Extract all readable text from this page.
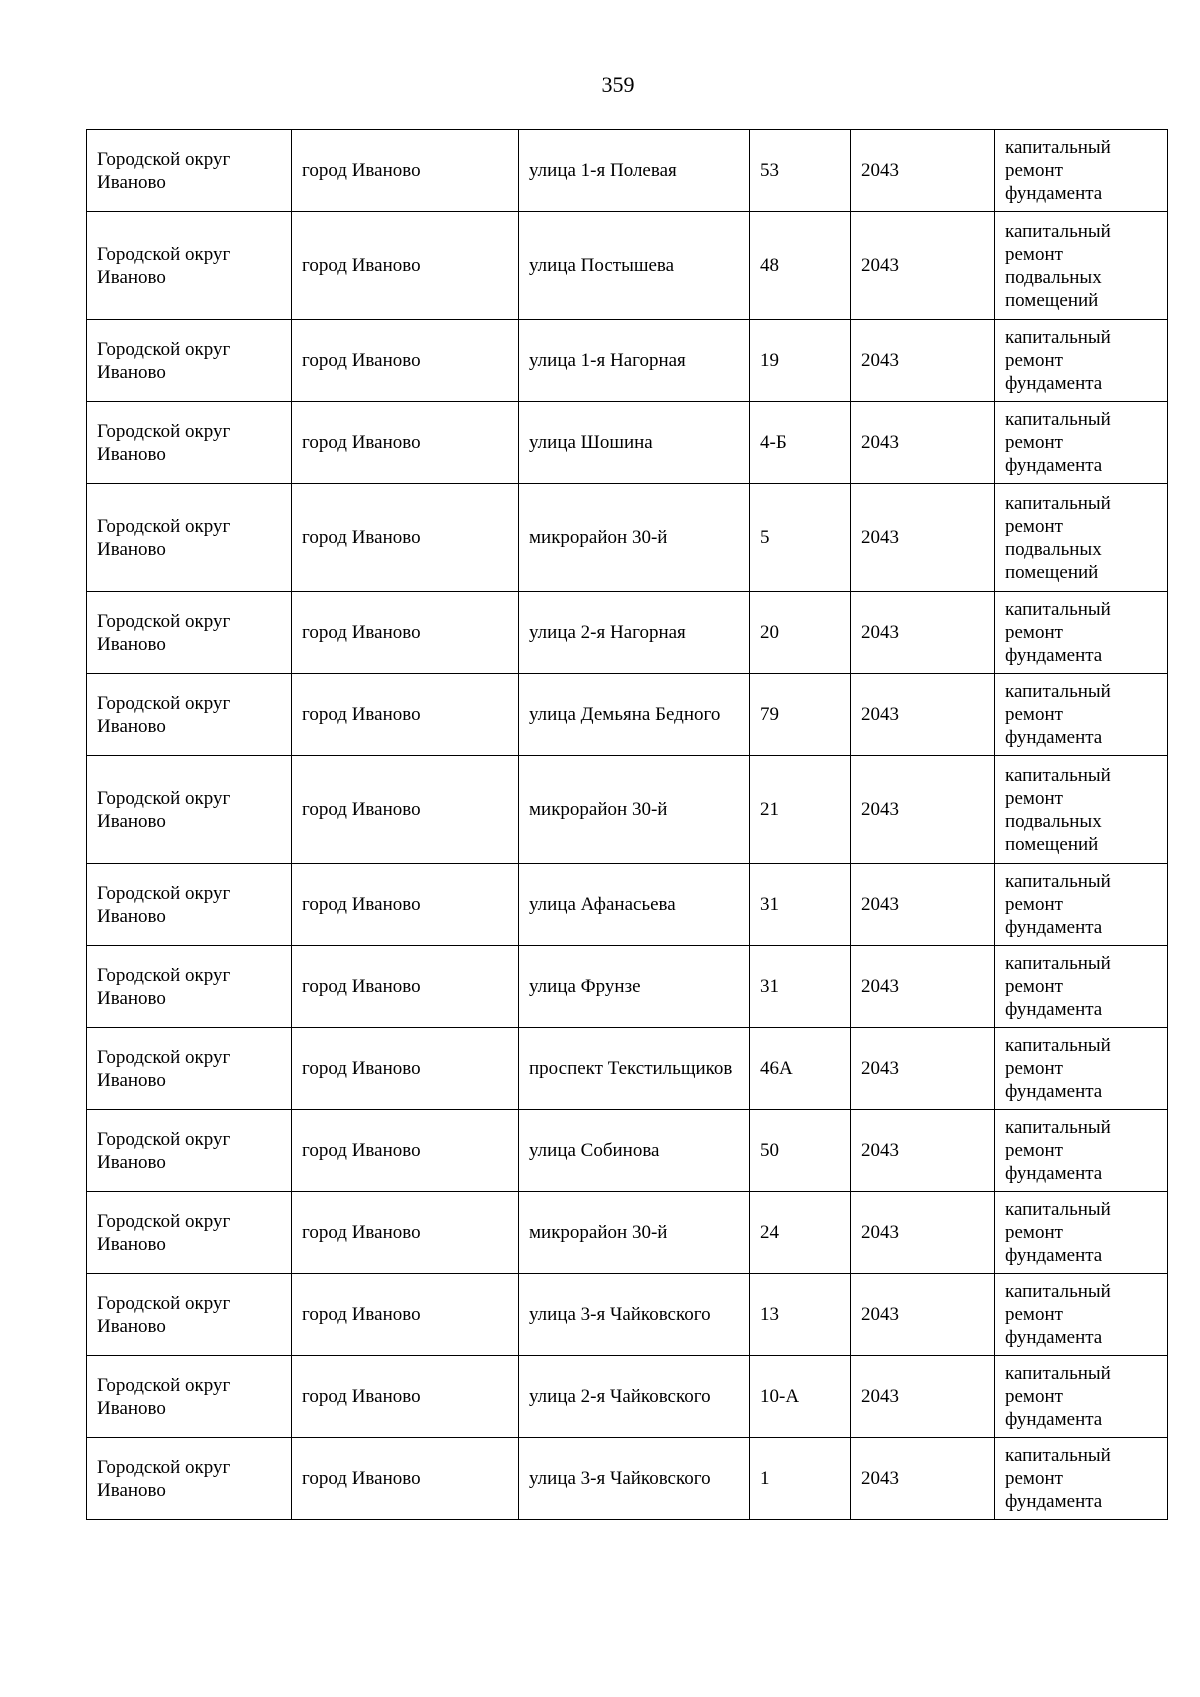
359
Городской округ Иваново	город Иваново	улица 1-я Полевая	53	2043	капитальный ремонт фундамента
Городской округ Иваново	город Иваново	улица Постышева	48	2043	капитальный ремонт подвальных помещений
Городской округ Иваново	город Иваново	улица 1-я Нагорная	19	2043	капитальный ремонт фундамента
Городской округ Иваново	город Иваново	улица Шошина	4-Б	2043	капитальный ремонт фундамента
Городской округ Иваново	город Иваново	микрорайон 30-й	5	2043	капитальный ремонт подвальных помещений
Городской округ Иваново	город Иваново	улица 2-я Нагорная	20	2043	капитальный ремонт фундамента
Городской округ Иваново	город Иваново	улица Демьяна Бедного	79	2043	капитальный ремонт фундамента
Городской округ Иваново	город Иваново	микрорайон 30-й	21	2043	капитальный ремонт подвальных помещений
Городской округ Иваново	город Иваново	улица Афанасьева	31	2043	капитальный ремонт фундамента
Городской округ Иваново	город Иваново	улица Фрунзе	31	2043	капитальный ремонт фундамента
Городской округ Иваново	город Иваново	проспект Текстильщиков	46А	2043	капитальный ремонт фундамента
Городской округ Иваново	город Иваново	улица Собинова	50	2043	капитальный ремонт фундамента
Городской округ Иваново	город Иваново	микрорайон 30-й	24	2043	капитальный ремонт фундамента
Городской округ Иваново	город Иваново	улица 3-я Чайковского	13	2043	капитальный ремонт фундамента
Городской округ Иваново	город Иваново	улица 2-я Чайковского	10-А	2043	капитальный ремонт фундамента
Городской округ Иваново	город Иваново	улица 3-я Чайковского	1	2043	капитальный ремонт фундамента
